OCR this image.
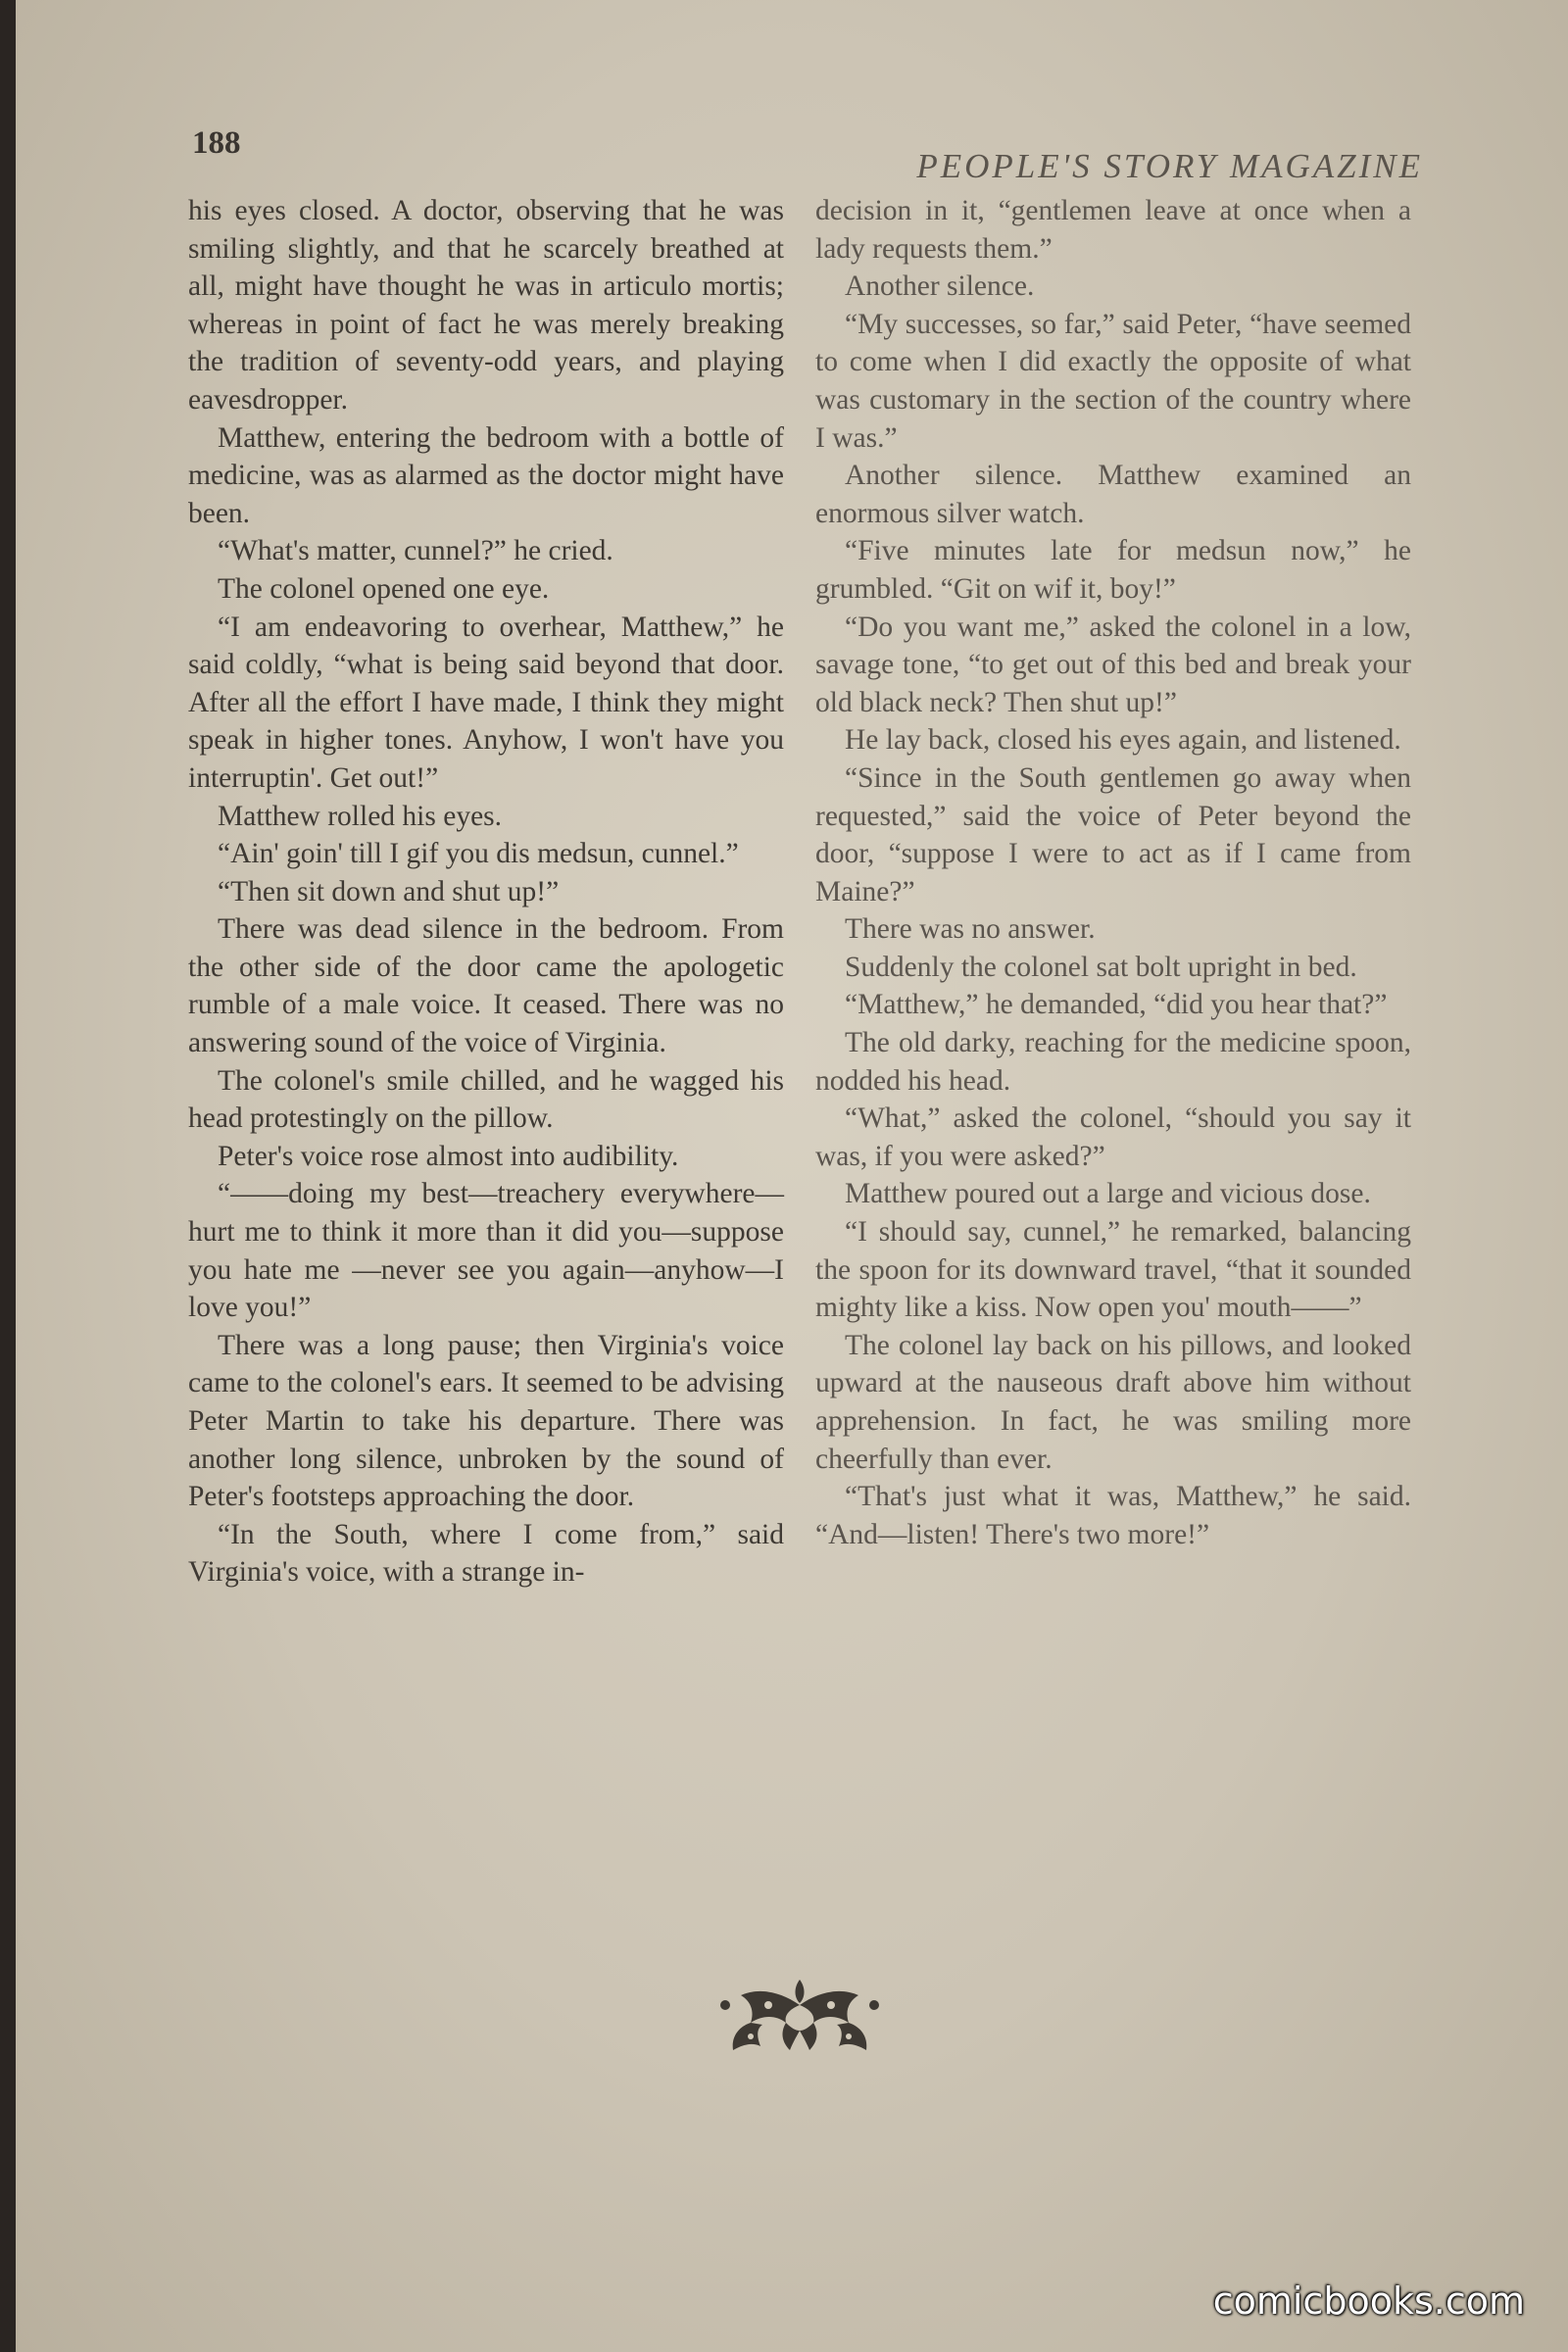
188
PEOPLE'S STORY MAGAZINE

his eyes closed. A doctor, observing that he was smiling slightly, and that he scarcely breathed at all, might have thought he was in articulo mortis; whereas in point of fact he was merely breaking the tradition of seventy-odd years, and playing eavesdropper.

Matthew, entering the bedroom with a bottle of medicine, was as alarmed as the doctor might have been.

“What's matter, cunnel?” he cried.

The colonel opened one eye.

“I am endeavoring to overhear, Matthew,” he said coldly, “what is being said beyond that door. After all the effort I have made, I think they might speak in higher tones. Anyhow, I won't have you interruptin'. Get out!”

Matthew rolled his eyes.

“Ain' goin' till I gif you dis medsun, cunnel.”

“Then sit down and shut up!”

There was dead silence in the bedroom. From the other side of the door came the apologetic rumble of a male voice. It ceased. There was no answering sound of the voice of Virginia.

The colonel's smile chilled, and he wagged his head protestingly on the pillow.

Peter's voice rose almost into audibility.

“——doing my best—treachery everywhere—hurt me to think it more than it did you—suppose you hate me —never see you again—anyhow—I love you!”

There was a long pause; then Virginia's voice came to the colonel's ears. It seemed to be advising Peter Martin to take his departure. There was another long silence, unbroken by the sound of Peter's footsteps approaching the door.

“In the South, where I come from,” said Virginia's voice, with a strange in-

decision in it, “gentlemen leave at once when a lady requests them.”

Another silence.

“My successes, so far,” said Peter, “have seemed to come when I did exactly the opposite of what was customary in the section of the country where I was.”

Another silence. Matthew examined an enormous silver watch.

“Five minutes late for medsun now,” he grumbled. “Git on wif it, boy!”

“Do you want me,” asked the colonel in a low, savage tone, “to get out of this bed and break your old black neck? Then shut up!”

He lay back, closed his eyes again, and listened.

“Since in the South gentlemen go away when requested,” said the voice of Peter beyond the door, “suppose I were to act as if I came from Maine?”

There was no answer.

Suddenly the colonel sat bolt upright in bed.

“Matthew,” he demanded, “did you hear that?”

The old darky, reaching for the medicine spoon, nodded his head.

“What,” asked the colonel, “should you say it was, if you were asked?”

Matthew poured out a large and vicious dose.

“I should say, cunnel,” he remarked, balancing the spoon for its downward travel, “that it sounded mighty like a kiss. Now open you' mouth——”

The colonel lay back on his pillows, and looked upward at the nauseous draft above him without apprehension. In fact, he was smiling more cheerfully than ever.

“That's just what it was, Matthew,” he said. “And—listen! There's two more!”

comicbooks.com
